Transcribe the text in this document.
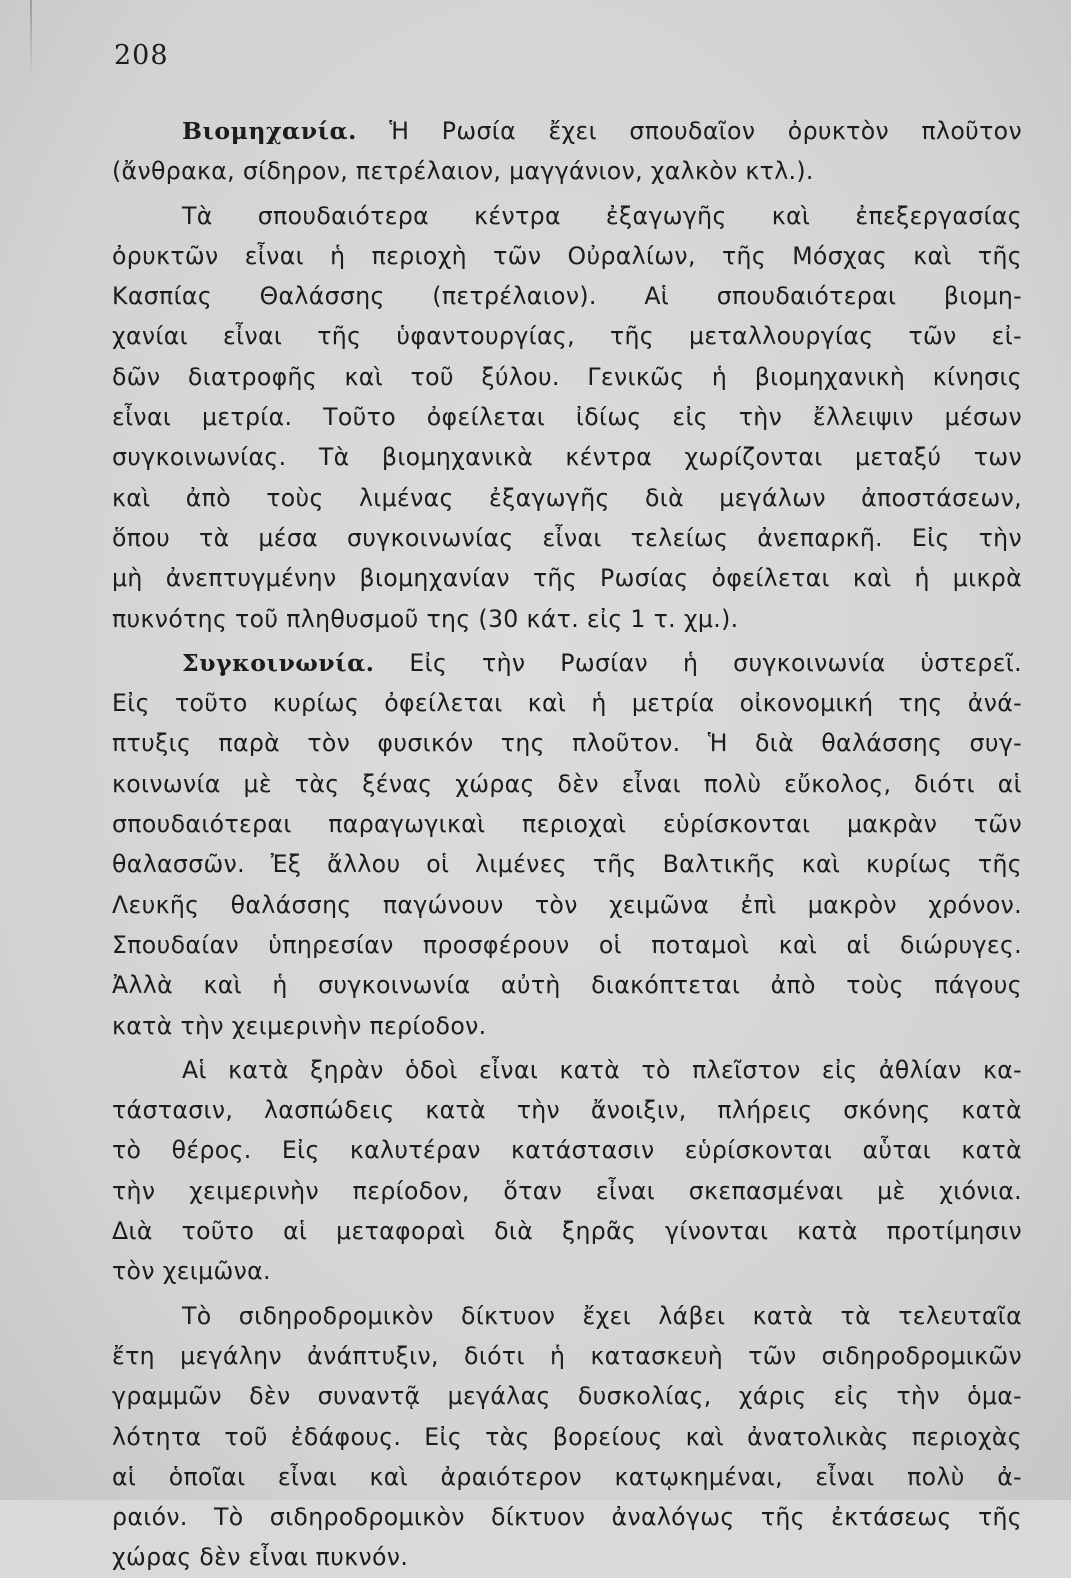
208
Βιομηχανία. Ἡ Ρωσία ἔχει σπουδαῖον ὀρυκτὸν πλοῦτον
(ἄνθρακα, σίδηρον, πετρέλαιον, μαγγάνιον, χαλκὸν κτλ.).
Τὰ σπουδαιότερα κέντρα ἐξαγωγῆς καὶ ἐπεξεργασίας
ὀρυκτῶν εἶναι ἡ περιοχὴ τῶν Οὐραλίων, τῆς Μόσχας καὶ τῆς
Κασπίας Θαλάσσης (πετρέλαιον). Αἱ σπουδαιότεραι βιομη-
χανίαι εἶναι τῆς ὑφαντουργίας, τῆς μεταλλουργίας τῶν εἰ-
δῶν διατροφῆς καὶ τοῦ ξύλου. Γενικῶς ἡ βιομηχανικὴ κίνησις
εἶναι μετρία. Τοῦτο ὀφείλεται ἰδίως εἰς τὴν ἔλλειψιν μέσων
συγκοινωνίας. Τὰ βιομηχανικὰ κέντρα χωρίζονται μεταξύ των
καὶ ἀπὸ τοὺς λιμένας ἐξαγωγῆς διὰ μεγάλων ἀποστάσεων,
ὅπου τὰ μέσα συγκοινωνίας εἶναι τελείως ἀνεπαρκῆ. Εἰς τὴν
μὴ ἀνεπτυγμένην βιομηχανίαν τῆς Ρωσίας ὀφείλεται καὶ ἡ μικρὰ
πυκνότης τοῦ πληθυσμοῦ της (30 κάτ. εἰς 1 τ. χμ.).
Συγκοινωνία. Εἰς τὴν Ρωσίαν ἡ συγκοινωνία ὑστερεῖ.
Εἰς τοῦτο κυρίως ὀφείλεται καὶ ἡ μετρία οἰκονομική της ἀνά-
πτυξις παρὰ τὸν φυσικόν της πλοῦτον. Ἡ διὰ θαλάσσης συγ-
κοινωνία μὲ τὰς ξένας χώρας δὲν εἶναι πολὺ εὔκολος, διότι αἱ
σπουδαιότεραι παραγωγικαὶ περιοχαὶ εὑρίσκονται μακρὰν τῶν
θαλασσῶν. Ἐξ ἄλλου οἱ λιμένες τῆς Βαλτικῆς καὶ κυρίως τῆς
Λευκῆς θαλάσσης παγώνουν τὸν χειμῶνα ἐπὶ μακρὸν χρόνον.
Σπουδαίαν ὑπηρεσίαν προσφέρουν οἱ ποταμοὶ καὶ αἱ διώρυγες.
Ἀλλὰ καὶ ἡ συγκοινωνία αὐτὴ διακόπτεται ἀπὸ τοὺς πάγους
κατὰ τὴν χειμερινὴν περίοδον.
Αἱ κατὰ ξηρὰν ὁδοὶ εἶναι κατὰ τὸ πλεῖστον εἰς ἀθλίαν κα-
τάστασιν, λασπώδεις κατὰ τὴν ἄνοιξιν, πλήρεις σκόνης κατὰ
τὸ θέρος. Εἰς καλυτέραν κατάστασιν εὑρίσκονται αὗται κατὰ
τὴν χειμερινὴν περίοδον, ὅταν εἶναι σκεπασμέναι μὲ χιόνια.
Διὰ τοῦτο αἱ μεταφοραὶ διὰ ξηρᾶς γίνονται κατὰ προτίμησιν
τὸν χειμῶνα.
Τὸ σιδηροδρομικὸν δίκτυον ἔχει λάβει κατὰ τὰ τελευταῖα
ἔτη μεγάλην ἀνάπτυξιν, διότι ἡ κατασκευὴ τῶν σιδηροδρομικῶν
γραμμῶν δὲν συναντᾷ μεγάλας δυσκολίας, χάρις εἰς τὴν ὁμα-
λότητα τοῦ ἐδάφους. Εἰς τὰς βορείους καὶ ἀνατολικὰς περιοχὰς
αἱ ὁποῖαι εἶναι καὶ ἀραιότερον κατῳκημέναι, εἶναι πολὺ ἀ-
ραιόν. Τὸ σιδηροδρομικὸν δίκτυον ἀναλόγως τῆς ἐκτάσεως τῆς
χώρας δὲν εἶναι πυκνόν.
